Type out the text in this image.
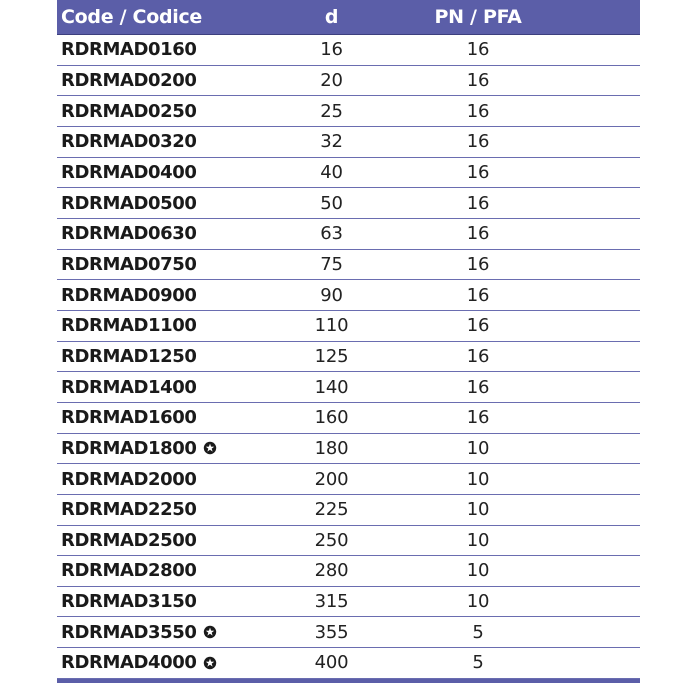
Code / Codice	d	PN / PFA
RDRMAD0160	16	16
RDRMAD0200	20	16
RDRMAD0250	25	16
RDRMAD0320	32	16
RDRMAD0400	40	16
RDRMAD0500	50	16
RDRMAD0630	63	16
RDRMAD0750	75	16
RDRMAD0900	90	16
RDRMAD1100	110	16
RDRMAD1250	125	16
RDRMAD1400	140	16
RDRMAD1600	160	16
RDRMAD1800	180	10
RDRMAD2000	200	10
RDRMAD2250	225	10
RDRMAD2500	250	10
RDRMAD2800	280	10
RDRMAD3150	315	10
RDRMAD3550	355	5
RDRMAD4000	400	5
